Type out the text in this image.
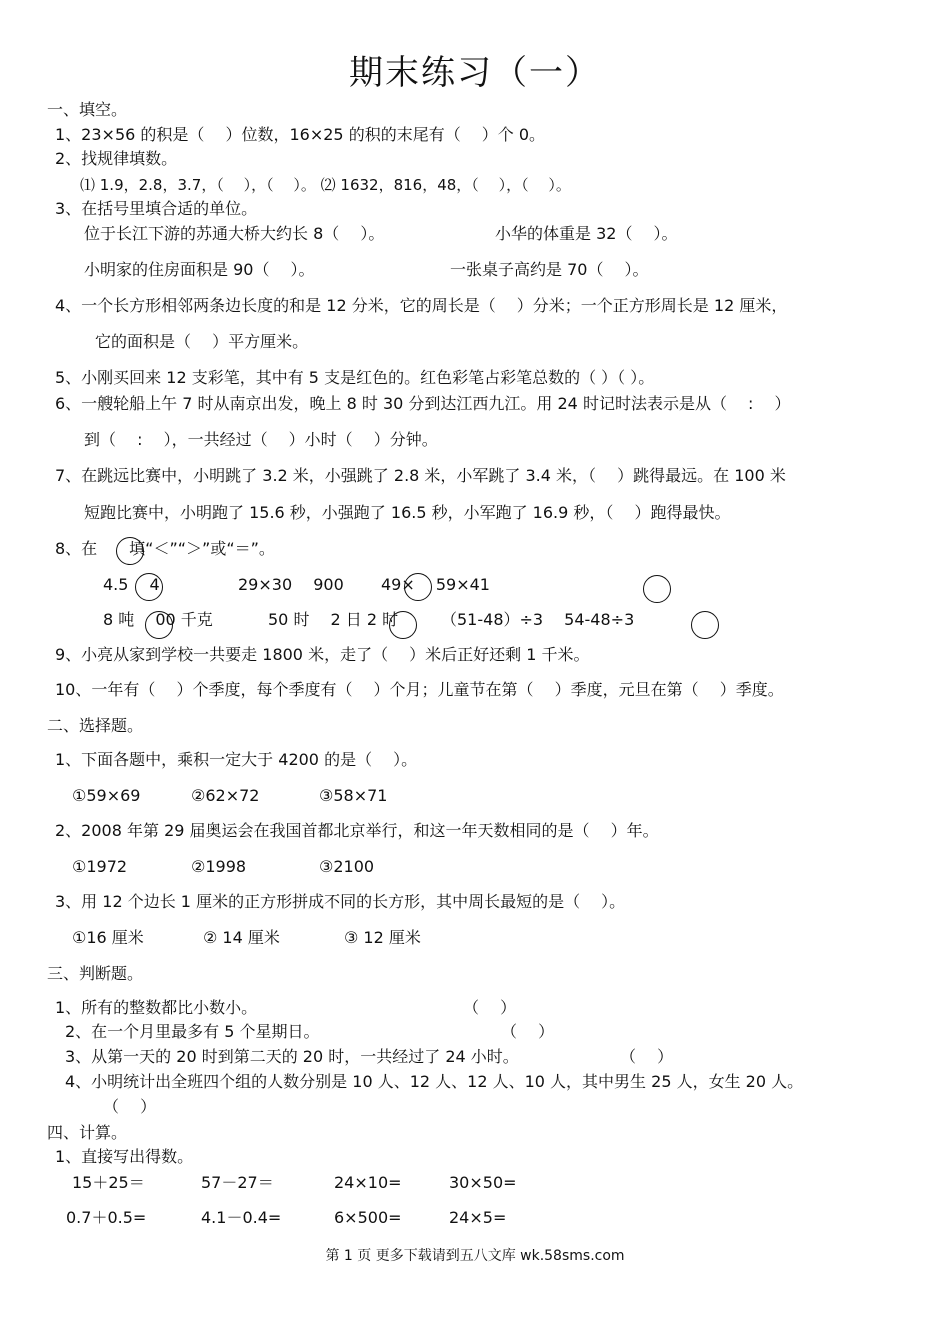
期末练习（一）
一、填空。
1、23×56 的积是（　 ）位数，16×25 的积的末尾有（　 ）个 0。
2、找规律填数。
⑴ 1.9，2.8，3.7，（　 ），（　 ）。 ⑵ 1632，816，48，（　 ），（　 ）。
3、在括号里填合适的单位。
位于长江下游的苏通大桥大约长 8（　 ）。	小华的体重是 32（　 ）。
小明家的住房面积是 90（　 ）。	一张桌子高约是 70（　 ）。
4、一个长方形相邻两条边长度的和是 12 分米，它的周长是（　 ）分米；一个正方形周长是 12 厘米，
它的面积是（　 ）平方厘米。
5、小刚买回来 12 支彩笔，其中有 5 支是红色的。红色彩笔占彩笔总数的（ ）（ ）。
6、一艘轮船上午 7 时从南京出发，晚上 8 时 30 分到达江西九江。用 24 时记时法表示是从（　 :　 ）
到（　 :　 ），一共经过（　 ）小时（　 ）分钟。
7、在跳远比赛中，小明跳了 3.2 米，小强跳了 2.8 米，小军跳了 3.4 米，（　 ）跳得最远。在 100 米
短跑比赛中，小明跑了 15.6 秒，小强跑了 16.5 秒，小军跑了 16.9 秒，（　 ）跑得最快。
8、在　　填“＜”“＞”或“＝”。
4.5　 4	29×30　 900 49×　 59×41
8 吨　 00 千克	50 时　 2 日 2 时	（51-48）÷3　 54-48÷3
9、小亮从家到学校一共要走 1800 米，走了（　 ）米后正好还剩 1 千米。
10、一年有（　 ）个季度，每个季度有（　 ）个月；儿童节在第（　 ）季度，元旦在第（　 ）季度。
二、选择题。
1、下面各题中，乘积一定大于 4200 的是（　 ）。
①59×69	②62×72	③58×71
2、2008 年第 29 届奥运会在我国首都北京举行，和这一年天数相同的是（　 ）年。
①1972	②1998	③2100
3、用 12 个边长 1 厘米的正方形拼成不同的长方形，其中周长最短的是（　 ）。
①16 厘米	② 14 厘米	③ 12 厘米
三、判断题。
1、所有的整数都比小数小。	（　 ）
2、在一个月里最多有 5 个星期日。	（　 ）
3、从第一天的 20 时到第二天的 20 时，一共经过了 24 小时。	（　 ）
4、小明统计出全班四个组的人数分别是 10 人、12 人、12 人、10 人，其中男生 25 人，女生 20 人。
（　 ）
四、计算。
1、直接写出得数。
15＋25＝	57－27＝	24×10=	30×50=
0.7＋0.5=	4.1－0.4=	6×500=	24×5=
第 1 页 更多下载请到五八文库 wk.58sms.com
